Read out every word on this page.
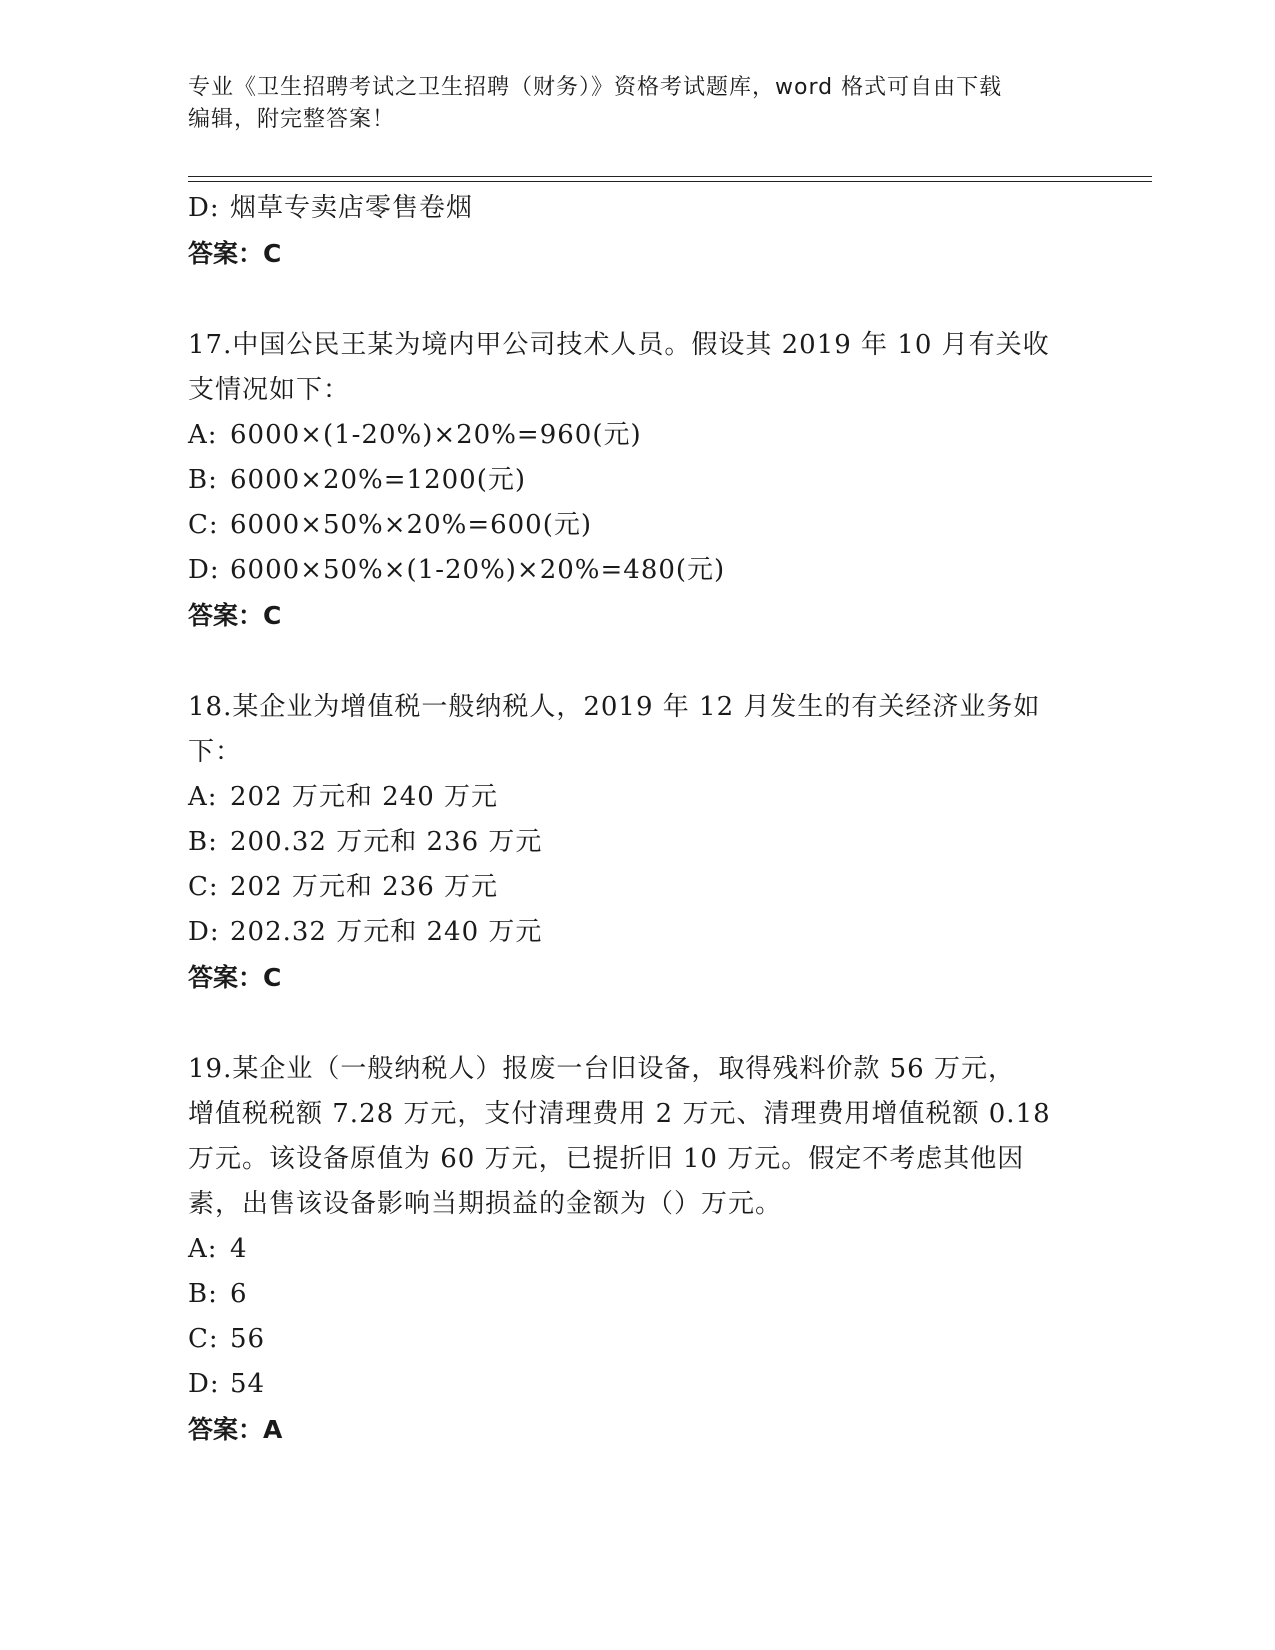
专业《卫生招聘考试之卫生招聘（财务）》资格考试题库，word 格式可自由下载
编辑，附完整答案！
D: 烟草专卖店零售卷烟
答案：C
17.中国公民王某为境内甲公司技术人员。假设其 2019 年 10 月有关收
支情况如下：
A: 6000×(1-20%)×20%=960(元)
B: 6000×20%=1200(元)
C: 6000×50%×20%=600(元)
D: 6000×50%×(1-20%)×20%=480(元)
答案：C
18.某企业为增值税一般纳税人，2019 年 12 月发生的有关经济业务如
下：
A: 202 万元和 240 万元
B: 200.32 万元和 236 万元
C: 202 万元和 236 万元
D: 202.32 万元和 240 万元
答案：C
19.某企业（一般纳税人）报废一台旧设备，取得残料价款 56 万元，
增值税税额 7.28 万元，支付清理费用 2 万元、清理费用增值税额 0.18
万元。该设备原值为 60 万元，已提折旧 10 万元。假定不考虑其他因
素，出售该设备影响当期损益的金额为（）万元。
A: 4
B: 6
C: 56
D: 54
答案：A
